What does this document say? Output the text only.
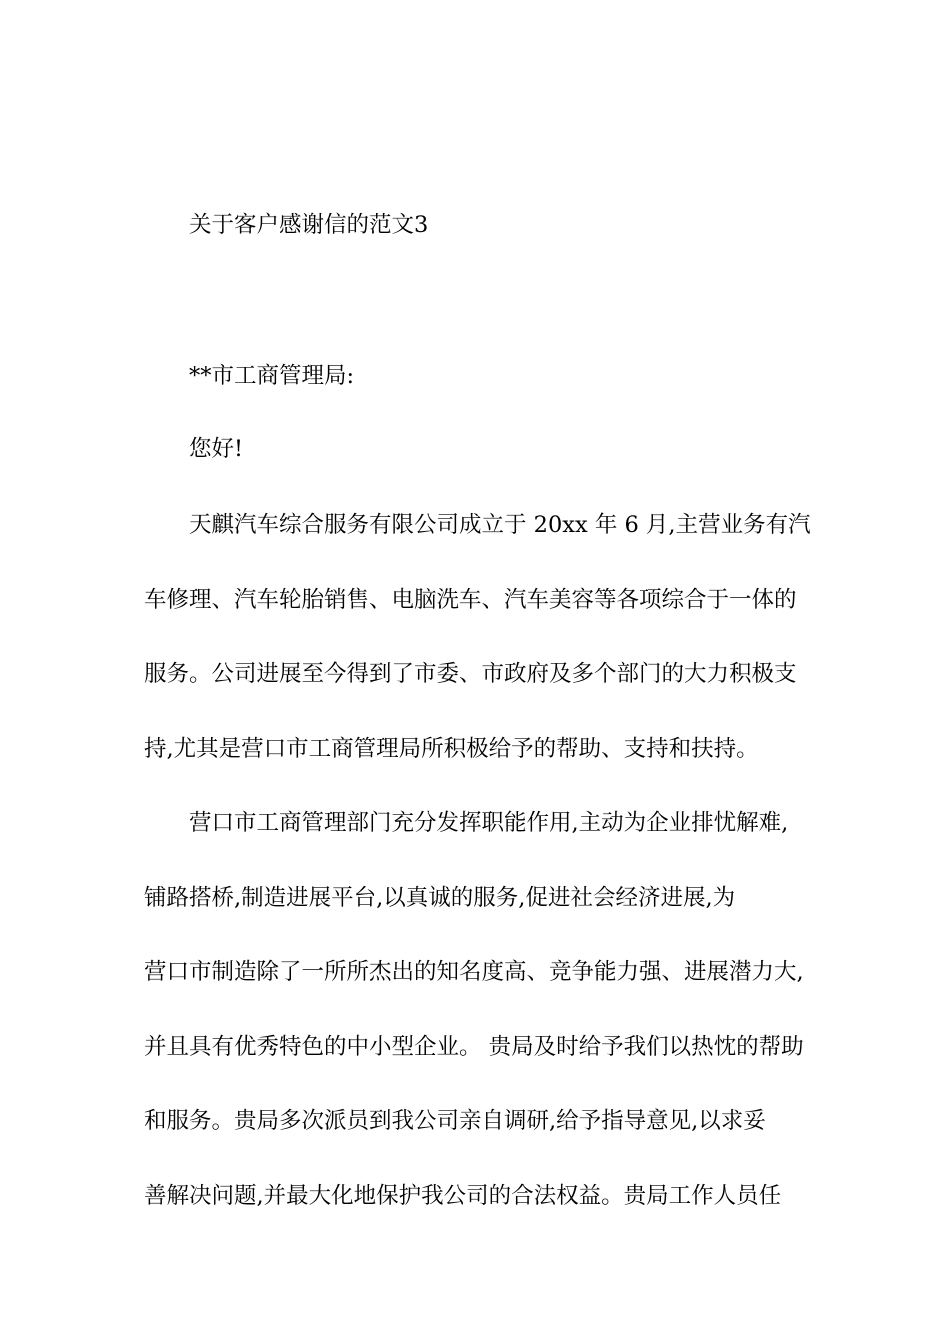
关于客户感谢信的范文3
**市工商管理局:
您好!
天麒汽车综合服务有限公司成立于 20xx 年 6 月,主营业务有汽
车修理、汽车轮胎销售、电脑洗车、汽车美容等各项综合于一体的
服务。公司进展至今得到了市委、市政府及多个部门的大力积极支
持,尤其是营口市工商管理局所积极给予的帮助、支持和扶持。
营口市工商管理部门充分发挥职能作用,主动为企业排忧解难,
铺路搭桥,制造进展平台,以真诚的服务,促进社会经济进展,为
营口市制造除了一所所杰出的知名度高、竞争能力强、进展潜力大,
并且具有优秀特色的中小型企业。 贵局及时给予我们以热忱的帮助
和服务。贵局多次派员到我公司亲自调研,给予指导意见,以求妥
善解决问题,并最大化地保护我公司的合法权益。贵局工作人员任
